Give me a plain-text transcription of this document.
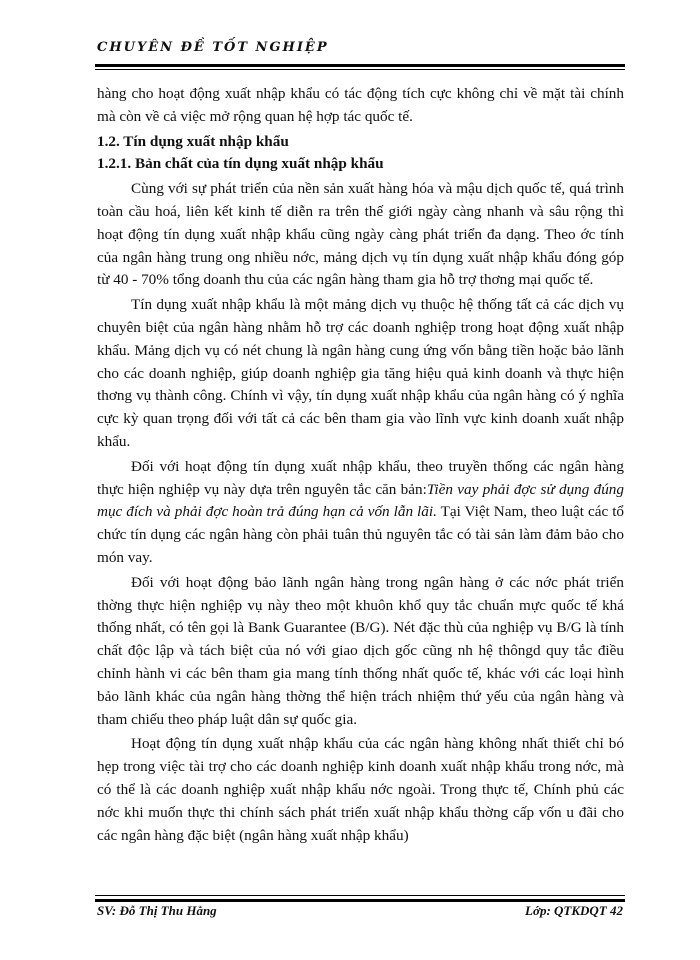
CHUYÊN ĐỀ TỐT NGHIỆP

hàng cho hoạt động xuất nhập khẩu có tác động tích cực không chỉ về mặt tài chính mà còn về cả việc mở rộng quan hệ hợp tác quốc tế.

1.2. Tín dụng xuất nhập khẩu

1.2.1. Bản chất của tín dụng xuất nhập khẩu

Cùng với sự phát triển của nền sản xuất hàng hóa và mậu dịch quốc tế, quá trình toàn cầu hoá, liên kết kinh tế diễn ra trên thế giới ngày càng nhanh và sâu rộng thì hoạt động tín dụng xuất nhập khẩu cũng ngày càng phát triển đa dạng. Theo ớc tính của ngân hàng trung ong nhiều nớc, mảng dịch vụ tín dụng xuất nhập khẩu đóng góp từ 40 - 70% tổng doanh thu của các ngân hàng tham gia hỗ trợ thơng mại quốc tế.

Tín dụng xuất nhập khẩu là một mảng dịch vụ thuộc hệ thống tất cả các dịch vụ chuyên biệt của ngân hàng nhằm hỗ trợ các doanh nghiệp trong hoạt động xuất nhập khẩu. Mảng dịch vụ có nét chung là ngân hàng cung ứng vốn bằng tiền hoặc bảo lãnh cho các doanh nghiệp, giúp doanh nghiệp gia tăng hiệu quả kinh doanh và thực hiện thơng vụ thành công. Chính vì vậy, tín dụng xuất nhập khẩu của ngân hàng có ý nghĩa cực kỳ quan trọng đối với tất cả các bên tham gia vào lĩnh vực kinh doanh xuất nhập khẩu.

Đối với hoạt động tín dụng xuất nhập khẩu, theo truyền thống các ngân hàng thực hiện nghiệp vụ này dựa trên nguyên tắc căn bản:Tiền vay phải đợc sử dụng đúng mục đích và phải đợc hoàn trả đúng hạn cả vốn lẫn lãi. Tại Việt Nam, theo luật các tổ chức tín dụng các ngân hàng còn phải tuân thủ nguyên tắc có tài sản làm đảm bảo cho món vay.

Đối với hoạt động bảo lãnh ngân hàng trong ngân hàng ở các nớc phát triển thờng thực hiện nghiệp vụ này theo một khuôn khổ quy tắc chuẩn mực quốc tế khá thống nhất, có tên gọi là Bank Guarantee (B/G). Nét đặc thù của nghiệp vụ B/G là tính chất độc lập và tách biệt của nó với giao dịch gốc cũng nh hệ thôngd quy tắc điều chỉnh hành vi các bên tham gia mang tính thống nhất quốc tế, khác với các loại hình bảo lãnh khác của ngân hàng thờng thể hiện trách nhiệm thứ yếu của ngân hàng và tham chiếu theo pháp luật dân sự quốc gia.

Hoạt động tín dụng xuất nhập khẩu của các ngân hàng không nhất thiết chỉ bó hẹp trong việc tài trợ cho các doanh nghiệp kinh doanh xuất nhập khẩu trong nớc, mà có thể là các doanh nghiệp xuất nhập khẩu nớc ngoài. Trong thực tế, Chính phủ các nớc khi muốn thực thi chính sách phát triển xuất nhập khẩu thờng cấp vốn u đãi cho các ngân hàng đặc biệt (ngân hàng xuất nhập khẩu)

SV: Đỗ Thị Thu Hằng	Lớp: QTKDQT 42
